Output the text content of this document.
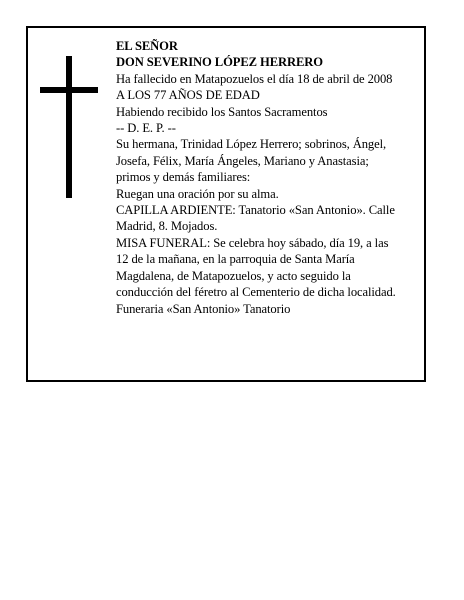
EL SEÑOR
DON SEVERINO LÓPEZ HERRERO
Ha fallecido en Matapozuelos el día 18 de abril de 2008
A LOS 77 AÑOS DE EDAD
Habiendo recibido los Santos Sacramentos
-- D. E. P. --
Su hermana, Trinidad López Herrero; sobrinos, Ángel,
Josefa, Félix, María Ángeles, Mariano y Anastasia;
primos y demás familiares:
Ruegan una oración por su alma.
CAPILLA ARDIENTE: Tanatorio «San Antonio». Calle
Madrid, 8. Mojados.
MISA FUNERAL: Se celebra hoy sábado, día 19, a las
12 de la mañana, en la parroquia de Santa María
Magdalena, de Matapozuelos, y acto seguido la
conducción del féretro al Cementerio de dicha localidad.
Funeraria «San Antonio» Tanatorio
